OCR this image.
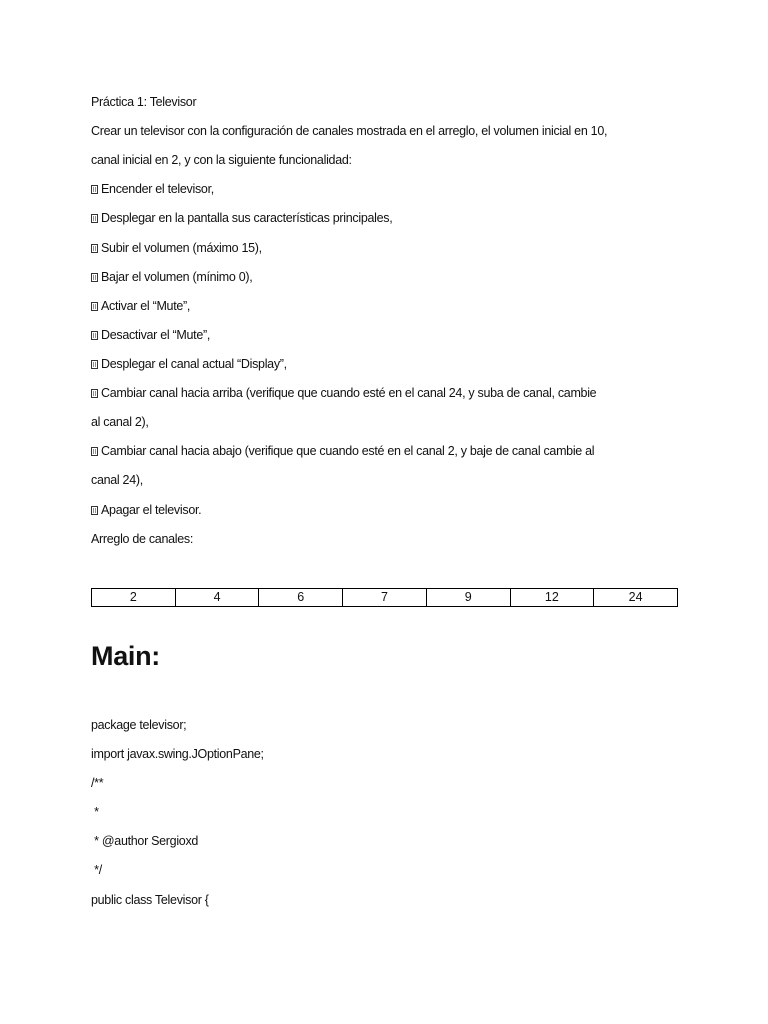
Práctica 1: Televisor
Crear un televisor con la configuración de canales mostrada en el arreglo, el volumen inicial en 10,
canal inicial en 2, y con la siguiente funcionalidad:
Encender el televisor,
Desplegar en la pantalla sus características principales,
Subir el volumen (máximo 15),
Bajar el volumen (mínimo 0),
Activar el “Mute”,
Desactivar el “Mute”,
Desplegar el canal actual “Display”,
Cambiar canal hacia arriba (verifique que cuando esté en el canal 24, y suba de canal, cambie
al canal 2),
Cambiar canal hacia abajo (verifique que cuando esté en el canal 2, y baje de canal cambie al
canal 24),
Apagar el televisor.
Arreglo de canales:
2	4	6	7	9	12	24
Main:
package televisor;
import javax.swing.JOptionPane;
/**
*
* @author Sergioxd
*/
public class Televisor {
